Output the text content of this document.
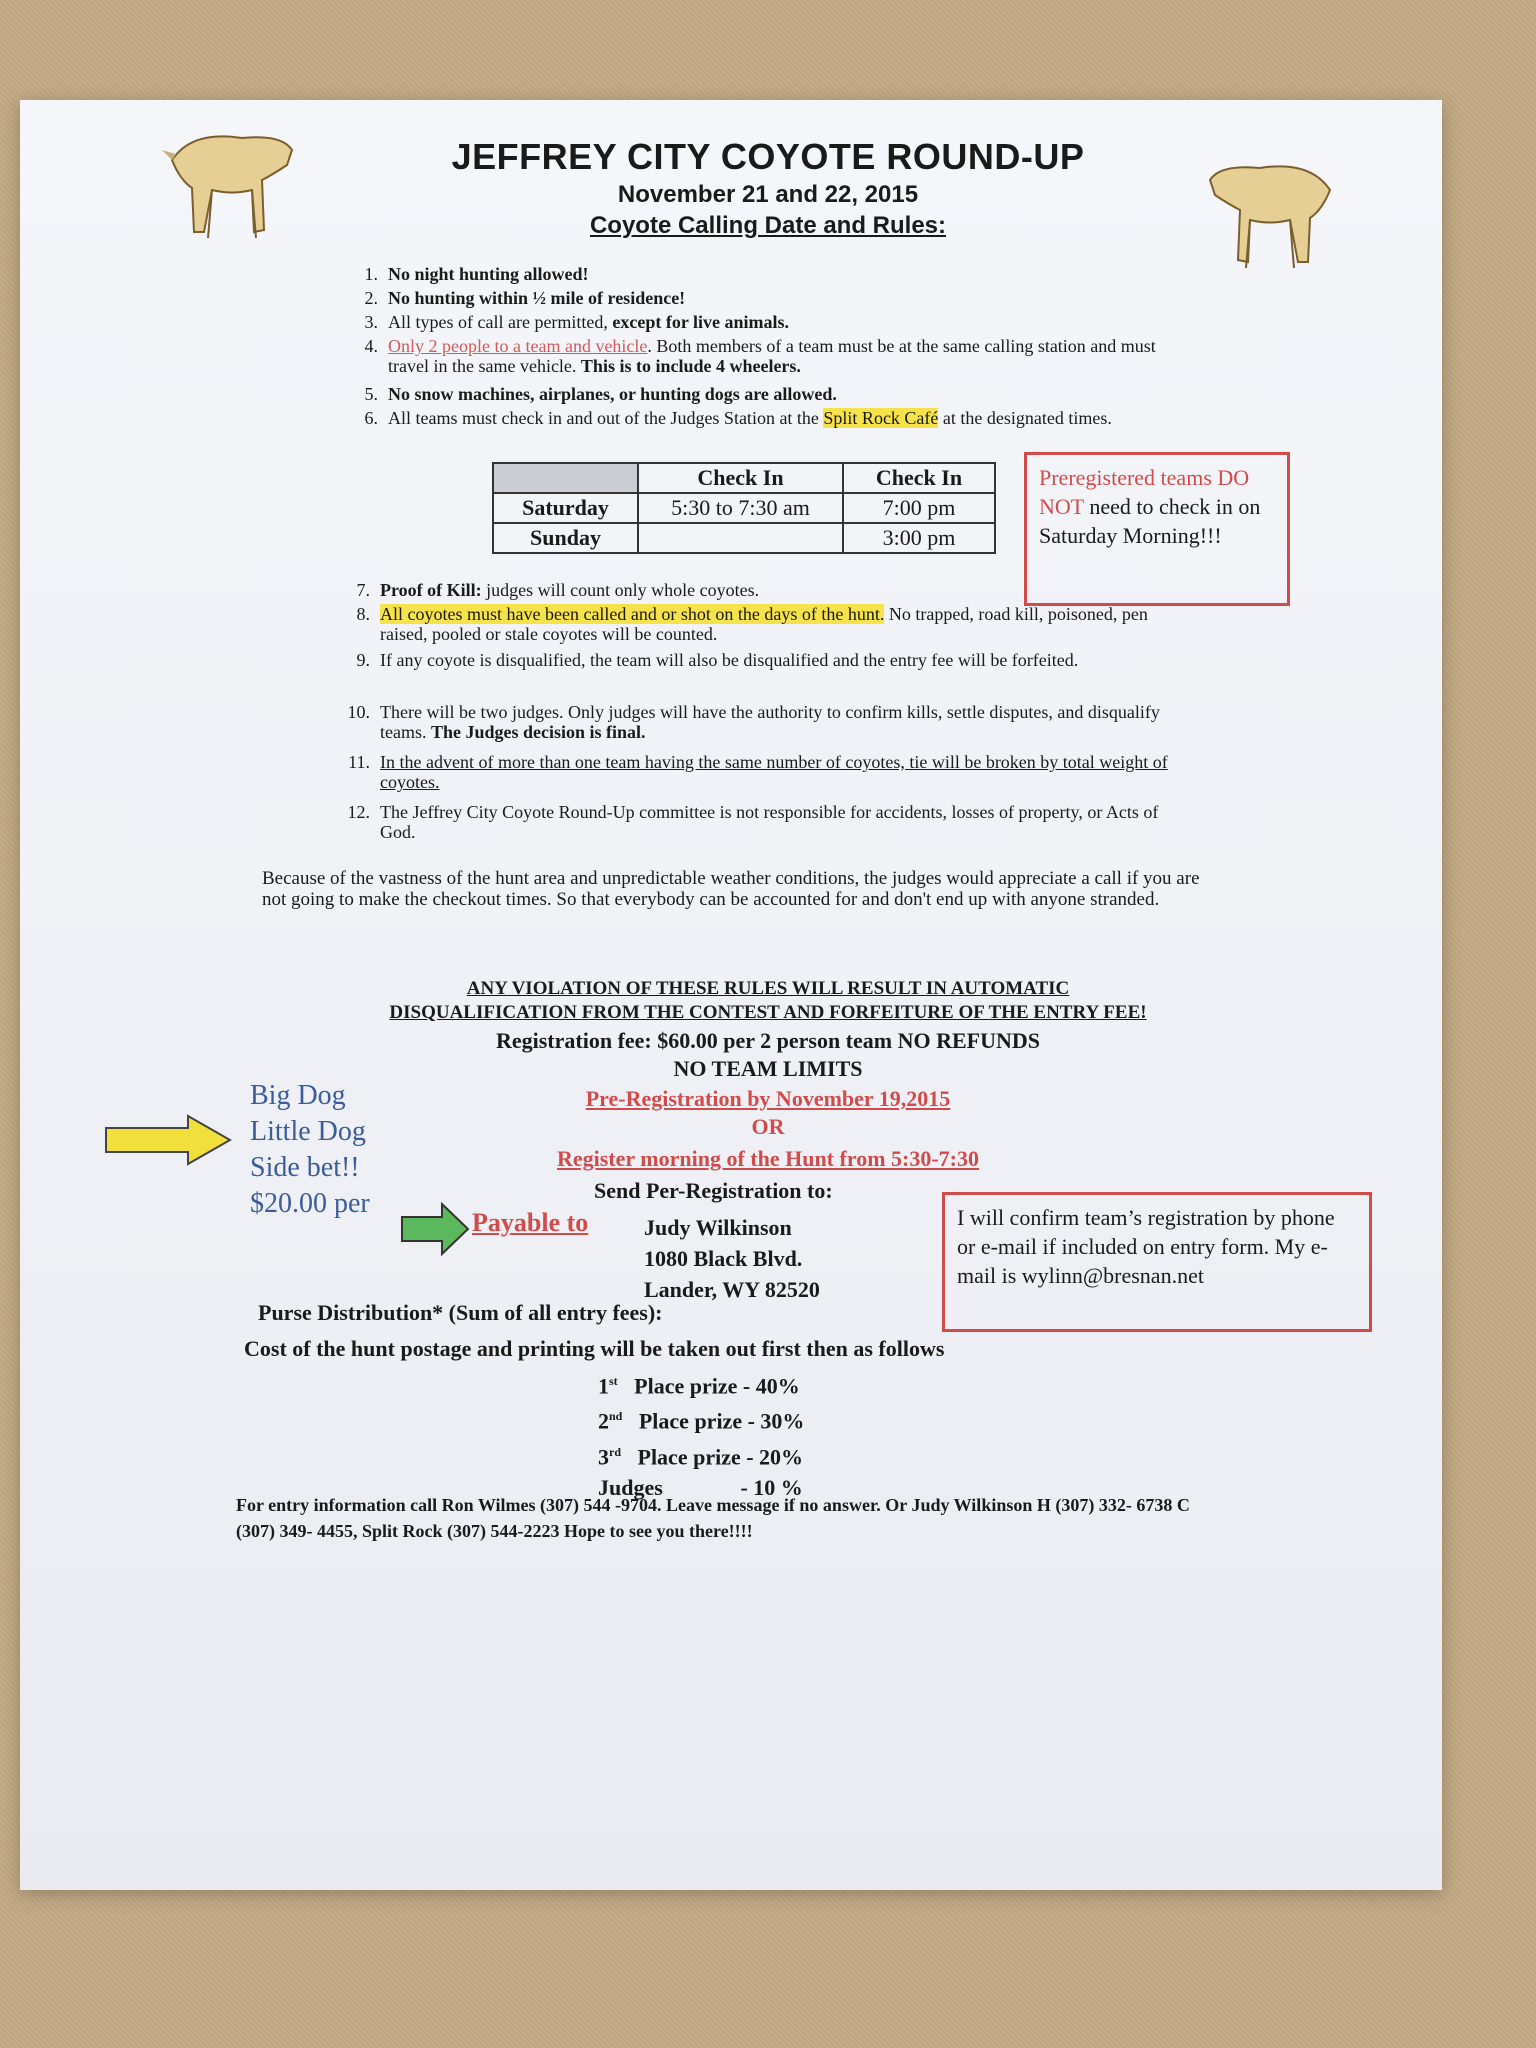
JEFFREY CITY COYOTE ROUND-UP
November 21 and 22, 2015
Coyote Calling Date and Rules:
1. No night hunting allowed!
2. No hunting within ½ mile of residence!
3. All types of call are permitted, except for live animals.
4. Only 2 people to a team and vehicle. Both members of a team must be at the same calling station and must travel in the same vehicle. This is to include 4 wheelers.
5. No snow machines, airplanes, or hunting dogs are allowed.
6. All teams must check in and out of the Judges Station at the Split Rock Café at the designated times.
	Check In	Check In
Saturday	5:30 to 7:30 am	7:00 pm
Sunday		3:00 pm
Preregistered teams DO NOT need to check in on Saturday Morning!!!
7. Proof of Kill: judges will count only whole coyotes.
8. All coyotes must have been called and or shot on the days of the hunt. No trapped, road kill, poisoned, pen raised, pooled or stale coyotes will be counted.
9. If any coyote is disqualified, the team will also be disqualified and the entry fee will be forfeited.
10. There will be two judges. Only judges will have the authority to confirm kills, settle disputes, and disqualify teams. The Judges decision is final.
11. In the advent of more than one team having the same number of coyotes, tie will be broken by total weight of coyotes.
12. The Jeffrey City Coyote Round-Up committee is not responsible for accidents, losses of property, or Acts of God.
Because of the vastness of the hunt area and unpredictable weather conditions, the judges would appreciate a call if you are not going to make the checkout times. So that everybody can be accounted for and don't end up with anyone stranded.
ANY VIOLATION OF THESE RULES WILL RESULT IN AUTOMATIC
DISQUALIFICATION FROM THE CONTEST AND FORFEITURE OF THE ENTRY FEE!
Registration fee: $60.00 per 2 person team NO REFUNDS
NO TEAM LIMITS
Pre-Registration by November 19,2015
OR
Register morning of the Hunt from 5:30-7:30
Big Dog
Little Dog
Side bet!!
$20.00 per	Send Per-Registration to:
Payable to	Judy Wilkinson
1080 Black Blvd.
Lander, WY 82520
I will confirm team’s registration by phone or e-mail if included on entry form. My e-mail is wylinn@bresnan.net
Purse Distribution* (Sum of all entry fees):
Cost of the hunt postage and printing will be taken out first then as follows
1st Place prize - 40%
2nd Place prize - 30%
3rd Place prize - 20%
Judges	- 10 %
For entry information call Ron Wilmes (307) 544 -9704. Leave message if no answer. Or Judy Wilkinson H (307) 332- 6738 C (307) 349- 4455, Split Rock (307) 544-2223 Hope to see you there!!!!
